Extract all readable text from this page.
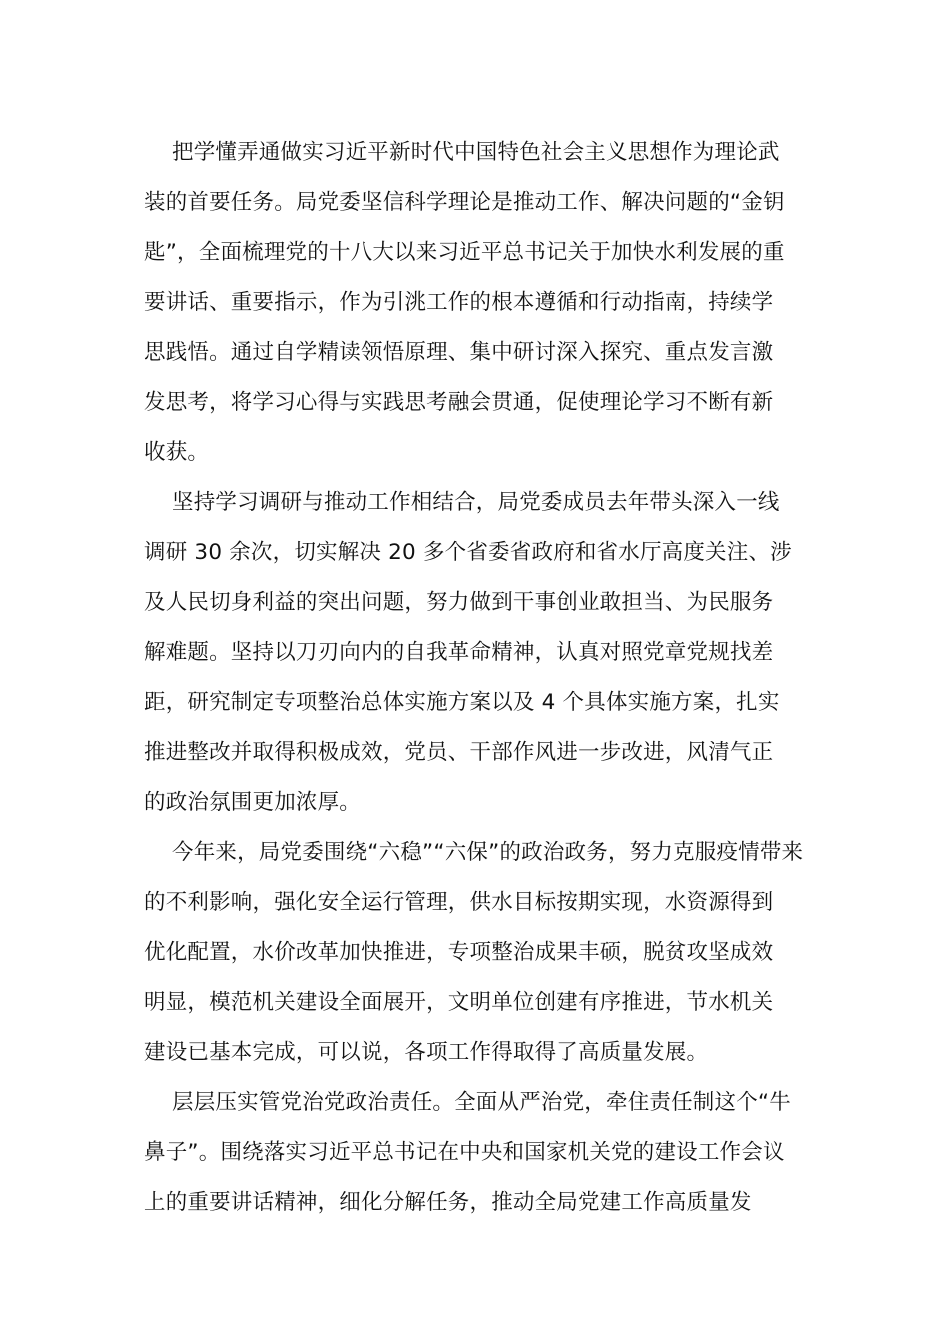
把学懂弄通做实习近平新时代中国特色社会主义思想作为理论武
装的首要任务。局党委坚信科学理论是推动工作、解决问题的“金钥
匙”，全面梳理党的十八大以来习近平总书记关于加快水利发展的重
要讲话、重要指示，作为引洮工作的根本遵循和行动指南，持续学
思践悟。通过自学精读领悟原理、集中研讨深入探究、重点发言激
发思考，将学习心得与实践思考融会贯通，促使理论学习不断有新
收获。
坚持学习调研与推动工作相结合，局党委成员去年带头深入一线
调研 30 余次，切实解决 20 多个省委省政府和省水厅高度关注、涉
及人民切身利益的突出问题，努力做到干事创业敢担当、为民服务
解难题。坚持以刀刃向内的自我革命精神，认真对照党章党规找差
距，研究制定专项整治总体实施方案以及 4 个具体实施方案，扎实
推进整改并取得积极成效，党员、干部作风进一步改进，风清气正
的政治氛围更加浓厚。
今年来，局党委围绕“六稳”“六保”的政治政务，努力克服疫情带来
的不利影响，强化安全运行管理，供水目标按期实现，水资源得到
优化配置，水价改革加快推进，专项整治成果丰硕，脱贫攻坚成效
明显，模范机关建设全面展开，文明单位创建有序推进，节水机关
建设已基本完成，可以说，各项工作得取得了高质量发展。
层层压实管党治党政治责任。全面从严治党，牵住责任制这个“牛
鼻子”。围绕落实习近平总书记在中央和国家机关党的建设工作会议
上的重要讲话精神，细化分解任务，推动全局党建工作高质量发
